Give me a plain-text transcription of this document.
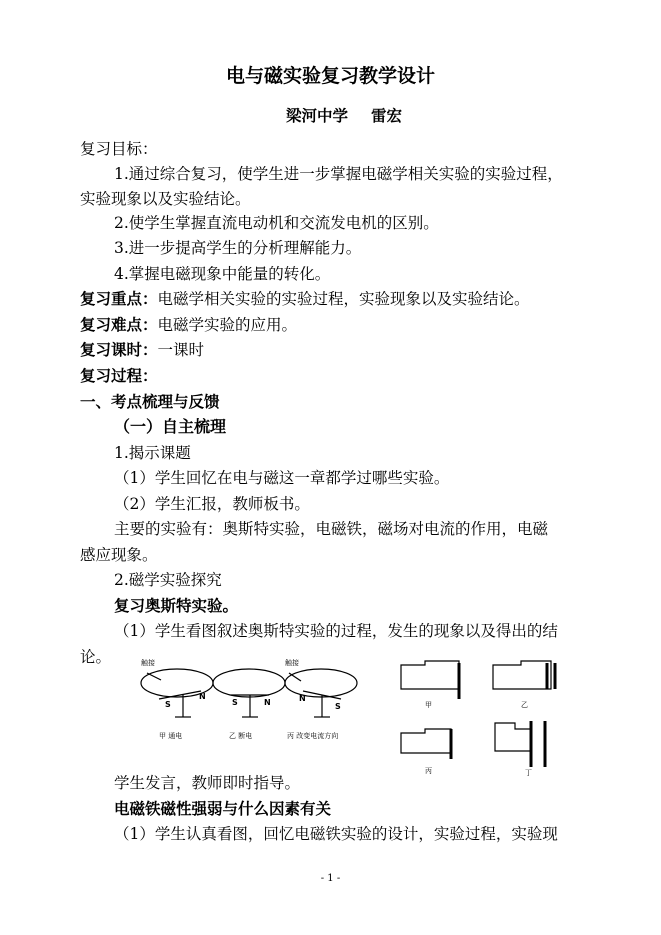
电与磁实验复习教学设计
梁河中学 雷宏
复习目标：
1.通过综合复习，使学生进一步掌握电磁学相关实验的实验过程，
实验现象以及实验结论。
2.使学生掌握直流电动机和交流发电机的区别。
3.进一步提高学生的分析理解能力。
4.掌握电磁现象中能量的转化。
复习重点：电磁学相关实验的实验过程，实验现象以及实验结论。
复习难点：电磁学实验的应用。
复习课时：一课时
复习过程：
一、考点梳理与反馈
（一）自主梳理
1.揭示课题
（1）学生回忆在电与磁这一章都学过哪些实验。
（2）学生汇报，教师板书。
主要的实验有：奥斯特实验，电磁铁，磁场对电流的作用，电磁
感应现象。
2.磁学实验探究
复习奥斯特实验。
（1）学生看图叙述奥斯特实验的过程，发生的现象以及得出的结
论。	触接	触接
S
N
S	N	N
S
甲 通电	乙 断电	丙 改变电流方向
甲	乙
丙	丁
学生发言，教师即时指导。
电磁铁磁性强弱与什么因素有关
（1）学生认真看图，回忆电磁铁实验的设计，实验过程，实验现
- 1 -
